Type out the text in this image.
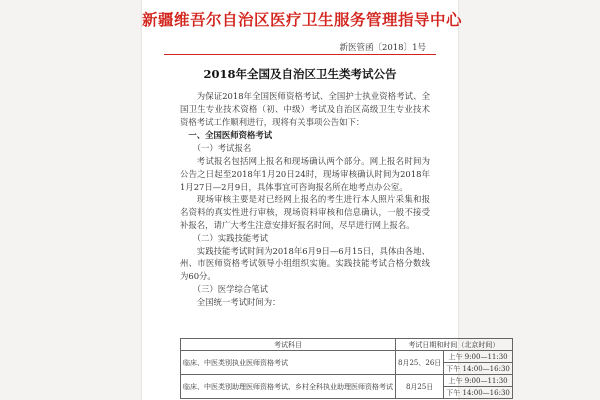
新疆维吾尔自治区医疗卫生服务管理指导中心
新医管函〔2018〕1号
2018年全国及自治区卫生类考试公告

为保证2018年全国医师资格考试、全国护士执业资格考试、全国卫生专业技术资格（初、中级）考试及自治区高级卫生专业技术资格考试工作顺利进行，现将有关事项公告如下：

一、全国医师资格考试

（一）考试报名

考试报名包括网上报名和现场确认两个部分。网上报名时间为公告之日起至2018年1月20日24时，现场审核确认时间为2018年1月27日—2月9日，具体事宜可咨询报名所在地考点办公室。

现场审核主要是对已经网上报名的考生进行本人照片采集和报名资料的真实性进行审核，现场资料审核和信息确认，一般不接受补报名，请广大考生注意安排好报名时间，尽早进行网上报名。

（二）实践技能考试

实践技能考试时间为2018年6月9日—6月15日，具体由各地、州、市医师资格考试领导小组组织实施。实践技能考试合格分数线为60分。

（三）医学综合笔试

全国统一考试时间为：

考试科目	考试日期和时间（北京时间）	
临床、中医类别执业医师资格考试	8月25、26日	上午 9:00—11:30
		下午 14:00—16:30
临床、中医类别助理医师资格考试、乡村全科执业助理医师资格考试	8月25日	上午 9:00—11:30
		下午 14:00—16:30
